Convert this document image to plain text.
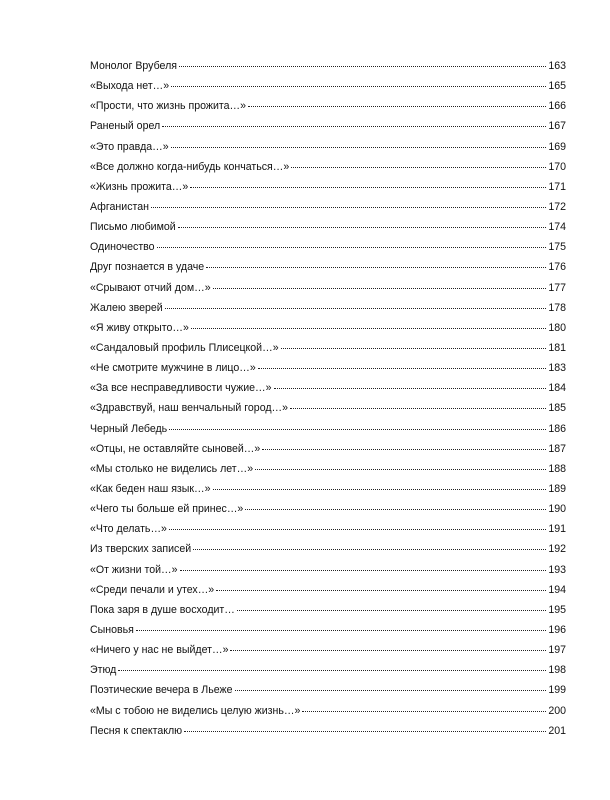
Монолог Врубеля	163
«Выхода нет…»	165
«Прости, что жизнь прожита…»	166
Раненый орел	167
«Это правда…»	169
«Все должно когда-нибудь кончаться…»	170
«Жизнь прожита…»	171
Афганистан	172
Письмо любимой	174
Одиночество	175
Друг познается в удаче	176
«Срывают отчий дом…»	177
Жалею зверей	178
«Я живу открыто…»	180
«Сандаловый профиль Плисецкой…»	181
«Не смотрите мужчине в лицо…»	183
«За все несправедливости чужие…»	184
«Здравствуй, наш венчальный город…»	185
Черный Лебедь	186
«Отцы, не оставляйте сыновей…»	187
«Мы столько не виделись лет…»	188
«Как беден наш язык…»	189
«Чего ты больше ей принес…»	190
«Что делать…»	191
Из тверских записей	192
«От жизни той…»	193
«Среди печали и утех…»	194
Пока заря в душе восходит…	195
Сыновья	196
«Ничего у нас не выйдет…»	197
Этюд	198
Поэтические вечера в Льеже	199
«Мы с тобою не виделись целую жизнь…»	200
Песня к спектаклю	201
